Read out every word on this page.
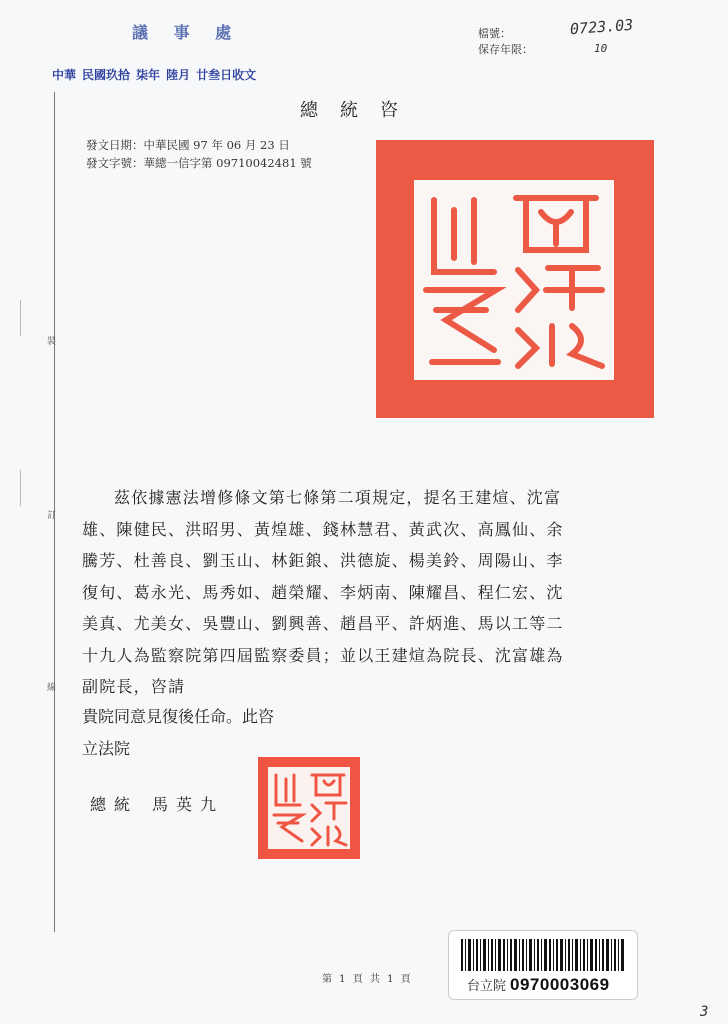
議 事 處	檔號：
保存年限：
0723.03
10
中華 民國玖拾 柒年 陸月 廿叁日收文
總統咨
發文日期：中華民國 97 年 06 月 23 日
發文字號：華總一信字第 09710042481 號
裝
訂
線
茲依據憲法增修條文第七條第二項規定，提名王建煊、沈富
雄、陳健民、洪昭男、黃煌雄、錢林慧君、黃武次、高鳳仙、余
騰芳、杜善良、劉玉山、林鉅鋃、洪德旋、楊美鈴、周陽山、李
復旬、葛永光、馬秀如、趙榮耀、李炳南、陳耀昌、程仁宏、沈
美真、尤美女、吳豐山、劉興善、趙昌平、許炳進、馬以工等二
十九人為監察院第四屆監察委員；並以王建煊為院長、沈富雄為
副院長，咨請
貴院同意見復後任命。此咨
立法院
總統 馬英九
第 1 頁 共 1 頁	台立院 0970003069
3
